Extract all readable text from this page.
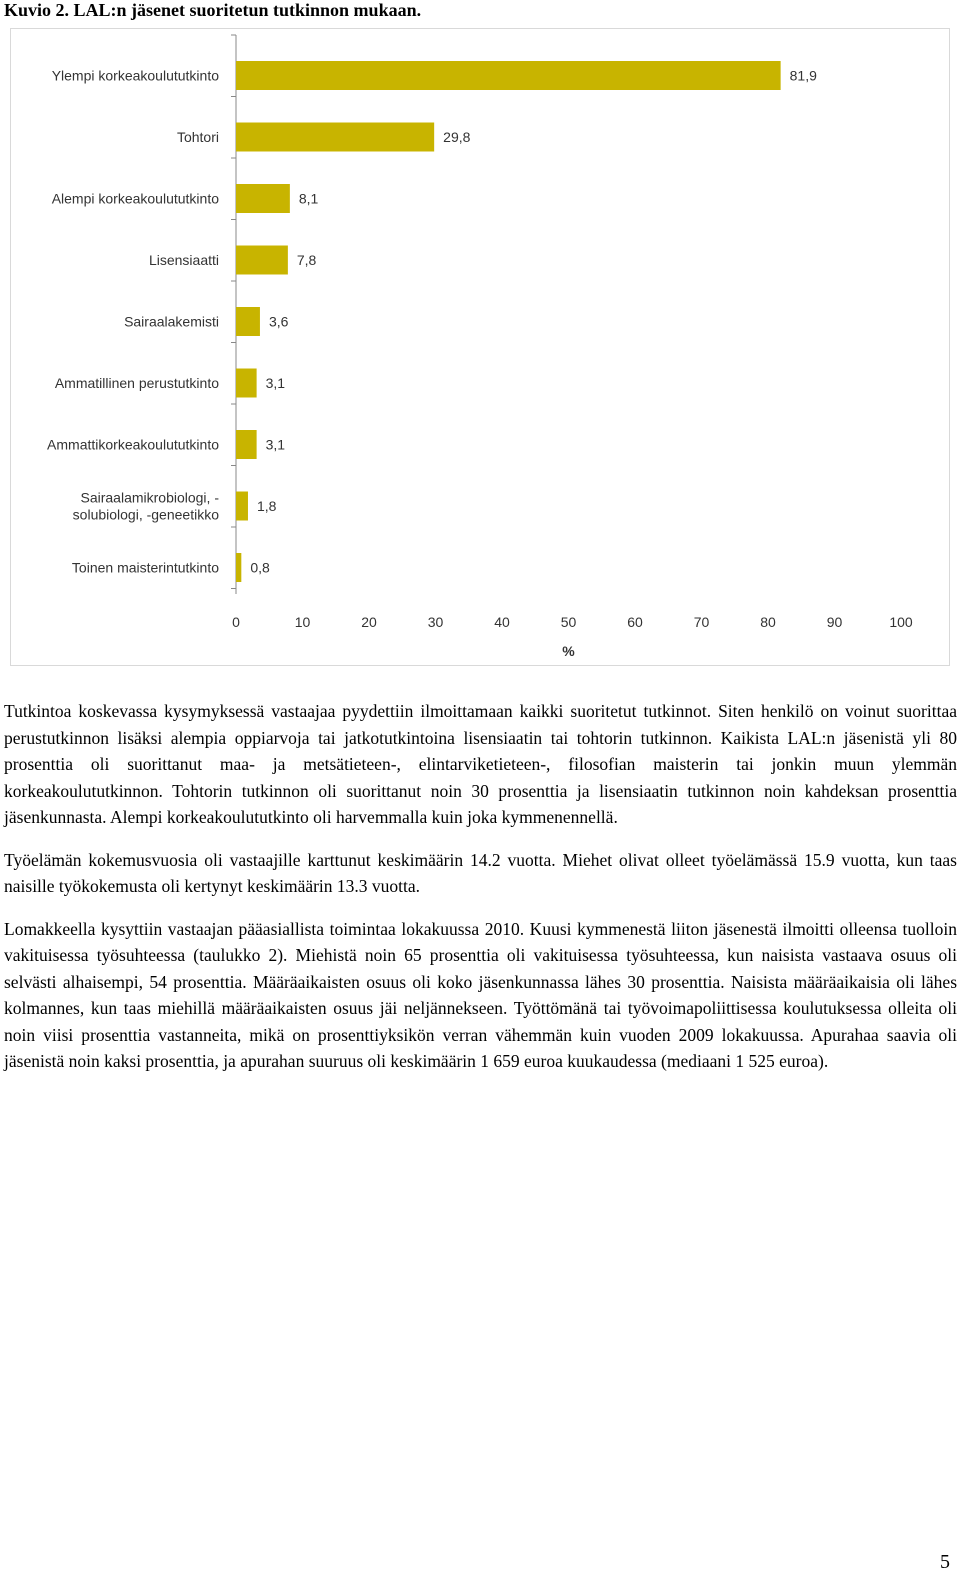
Kuvio 2. LAL:n jäsenet suoritetun tutkinnon mukaan.
Ylempi korkeakoulututkinto	81,9
Tohtori	29,8
Alempi korkeakoulututkinto	8,1
Lisensiaatti	7,8
Sairaalakemisti	3,6
Ammatillinen perustutkinto	3,1
Ammattikorkeakoulututkinto	3,1
Sairaalamikrobiologi, -solubiologi, -geneetikko
1,8
Toinen maisterintutkinto 0,8
0	10	20	30	40	50	60	70	80	90	100
%

Tutkintoa koskevassa kysymyksessä vastaajaa pyydettiin ilmoittamaan kaikki suoritetut tutkinnot. Siten henkilö on voinut suorittaa perustutkinnon lisäksi alempia oppiarvoja tai jatkotutkintoina lisensiaatin tai tohtorin tutkinnon. Kaikista LAL:n jäsenistä yli 80 prosenttia oli suorittanut maa- ja metsätieteen-, elintarviketieteen-, filosofian maisterin tai jonkin muun ylemmän korkeakoulututkinnon. Tohtorin tutkinnon oli suorittanut noin 30 prosenttia ja lisensiaatin tutkinnon noin kahdeksan prosenttia jäsenkunnasta. Alempi korkeakoulututkinto oli harvemmalla kuin joka kymmenennellä.

Työelämän kokemusvuosia oli vastaajille karttunut keskimäärin 14.2 vuotta. Miehet olivat olleet työelämässä 15.9 vuotta, kun taas naisille työkokemusta oli kertynyt keskimäärin 13.3 vuotta.

Lomakkeella kysyttiin vastaajan pääasiallista toimintaa lokakuussa 2010. Kuusi kymmenestä liiton jäsenestä ilmoitti olleensa tuolloin vakituisessa työsuhteessa (taulukko 2). Miehistä noin 65 prosenttia oli vakituisessa työsuhteessa, kun naisista vastaava osuus oli selvästi alhaisempi, 54 prosenttia. Määräaikaisten osuus oli koko jäsenkunnassa lähes 30 prosenttia. Naisista määräaikaisia oli lähes kolmannes, kun taas miehillä määräaikaisten osuus jäi neljännekseen. Työttömänä tai työvoimapoliittisessa koulutuksessa olleita oli noin viisi prosenttia vastanneita, mikä on prosenttiyksikön verran vähemmän kuin vuoden 2009 lokakuussa. Apurahaa saavia oli jäsenistä noin kaksi prosenttia, ja apurahan suuruus oli keskimäärin 1 659 euroa kuukaudessa (mediaani 1 525 euroa).

5
